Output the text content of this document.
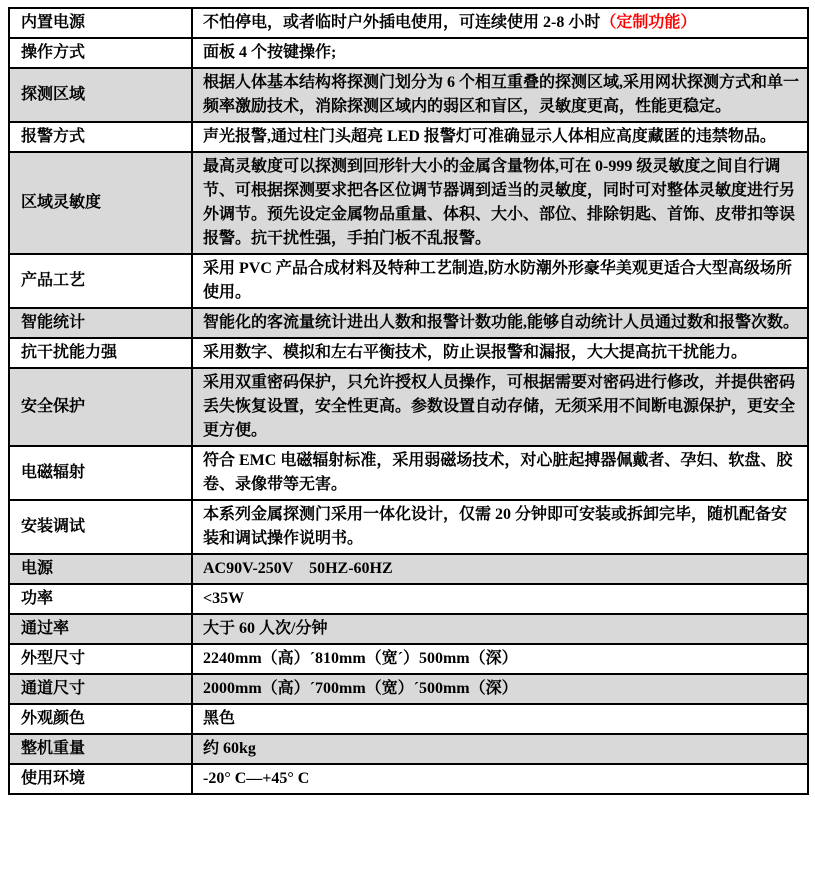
内置电源	不怕停电，或者临时户外插电使用，可连续使用 2-8 小时（定制功能）
操作方式	面板 4 个按键操作;
探测区域	根据人体基本结构将探测门划分为 6 个相互重叠的探测区域,采用网状探测方式和单一频率激励技术，消除探测区域内的弱区和盲区，灵敏度更高，性能更稳定。
报警方式	声光报警,通过柱门头超亮 LED 报警灯可准确显示人体相应高度藏匿的违禁物品。
区域灵敏度	最高灵敏度可以探测到回形针大小的金属含量物体,可在 0-999 级灵敏度之间自行调节、可根据探测要求把各区位调节器调到适当的灵敏度，同时可对整体灵敏度进行另外调节。预先设定金属物品重量、体积、大小、部位、排除钥匙、首饰、皮带扣等误报警。抗干扰性强，手拍门板不乱报警。
产品工艺	采用 PVC 产品合成材料及特种工艺制造,防水防潮外形豪华美观更适合大型高级场所使用。
智能统计	智能化的客流量统计进出人数和报警计数功能,能够自动统计人员通过数和报警次数。
抗干扰能力强	采用数字、模拟和左右平衡技术，防止误报警和漏报，大大提高抗干扰能力。
安全保护	采用双重密码保护，只允许授权人员操作，可根据需要对密码进行修改，并提供密码丢失恢复设置，安全性更高。参数设置自动存储，无须采用不间断电源保护，更安全更方便。
电磁辐射	符合 EMC 电磁辐射标准，采用弱磁场技术，对心脏起搏器佩戴者、孕妇、软盘、胶卷、录像带等无害。
安装调试	本系列金属探测门采用一体化设计，仅需 20 分钟即可安装或拆卸完毕，随机配备安装和调试操作说明书。
电源	AC90V-250V    50HZ-60HZ
功率	<35W
通过率	大于 60 人次/分钟
外型尺寸	2240mm（高）´810mm（宽´）500mm（深）
通道尺寸	2000mm（高）´700mm（宽）´500mm（深）
外观颜色	黑色
整机重量	约 60kg
使用环境	-20° C—+45° C
